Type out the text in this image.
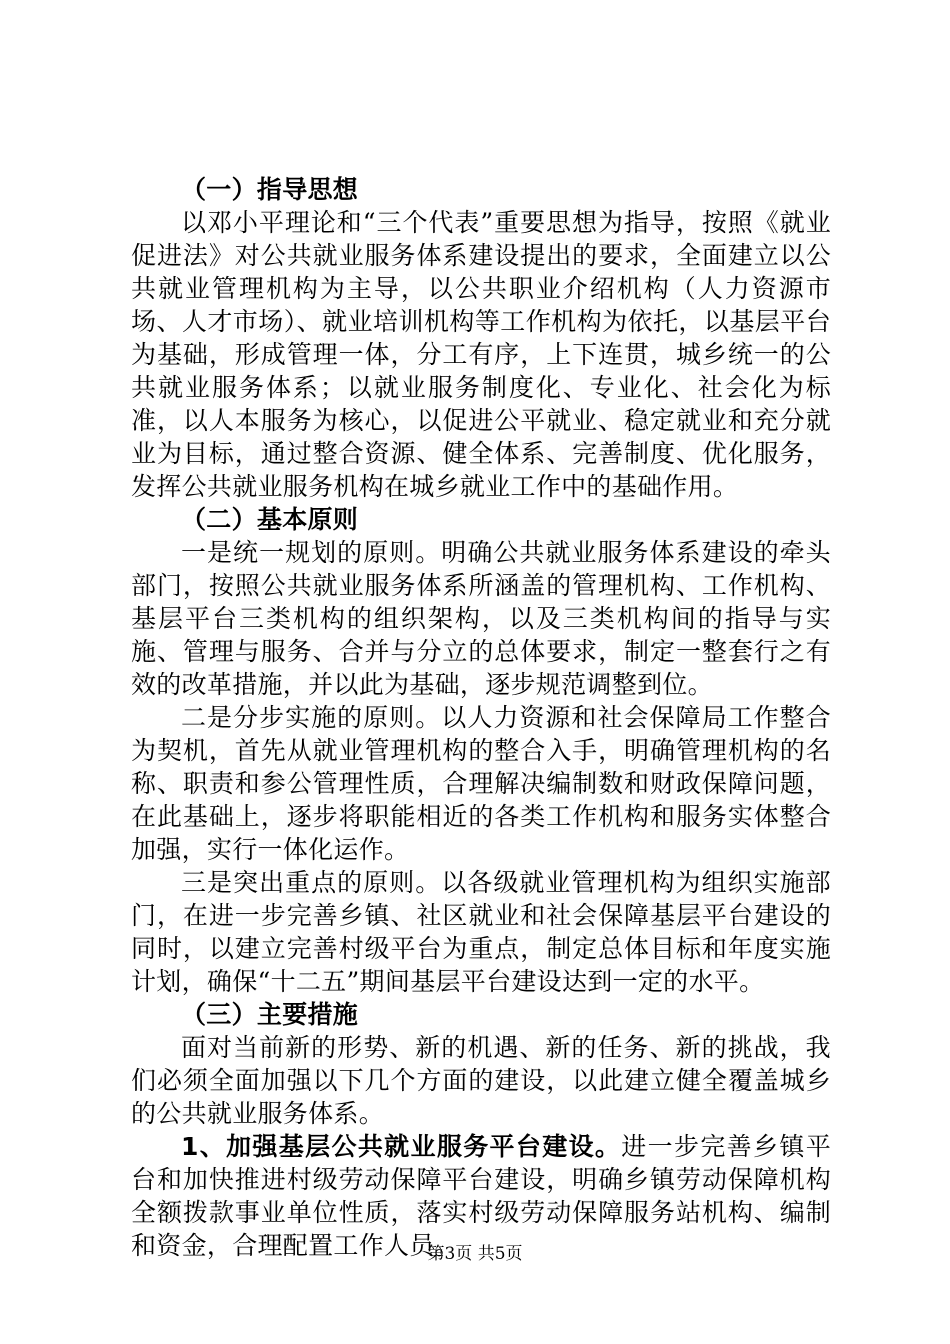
（一）指导思想

以邓小平理论和“三个代表”重要思想为指导，按照《就业促进法》对公共就业服务体系建设提出的要求，全面建立以公共就业管理机构为主导，以公共职业介绍机构（人力资源市场、人才市场）、就业培训机构等工作机构为依托，以基层平台为基础，形成管理一体，分工有序，上下连贯，城乡统一的公共就业服务体系；以就业服务制度化、专业化、社会化为标准，以人本服务为核心，以促进公平就业、稳定就业和充分就业为目标，通过整合资源、健全体系、完善制度、优化服务，发挥公共就业服务机构在城乡就业工作中的基础作用。

（二）基本原则

一是统一规划的原则。明确公共就业服务体系建设的牵头部门，按照公共就业服务体系所涵盖的管理机构、工作机构、基层平台三类机构的组织架构，以及三类机构间的指导与实施、管理与服务、合并与分立的总体要求，制定一整套行之有效的改革措施，并以此为基础，逐步规范调整到位。

二是分步实施的原则。以人力资源和社会保障局工作整合为契机，首先从就业管理机构的整合入手，明确管理机构的名称、职责和参公管理性质，合理解决编制数和财政保障问题，在此基础上，逐步将职能相近的各类工作机构和服务实体整合加强，实行一体化运作。

三是突出重点的原则。以各级就业管理机构为组织实施部门，在进一步完善乡镇、社区就业和社会保障基层平台建设的同时，以建立完善村级平台为重点，制定总体目标和年度实施计划，确保“十二五”期间基层平台建设达到一定的水平。

（三）主要措施

面对当前新的形势、新的机遇、新的任务、新的挑战，我们必须全面加强以下几个方面的建设，以此建立健全覆盖城乡的公共就业服务体系。

1、加强基层公共就业服务平台建设。进一步完善乡镇平台和加快推进村级劳动保障平台建设，明确乡镇劳动保障机构全额拨款事业单位性质，落实村级劳动保障服务站机构、编制和资金，合理配置工作人员。

第3页 共5页
